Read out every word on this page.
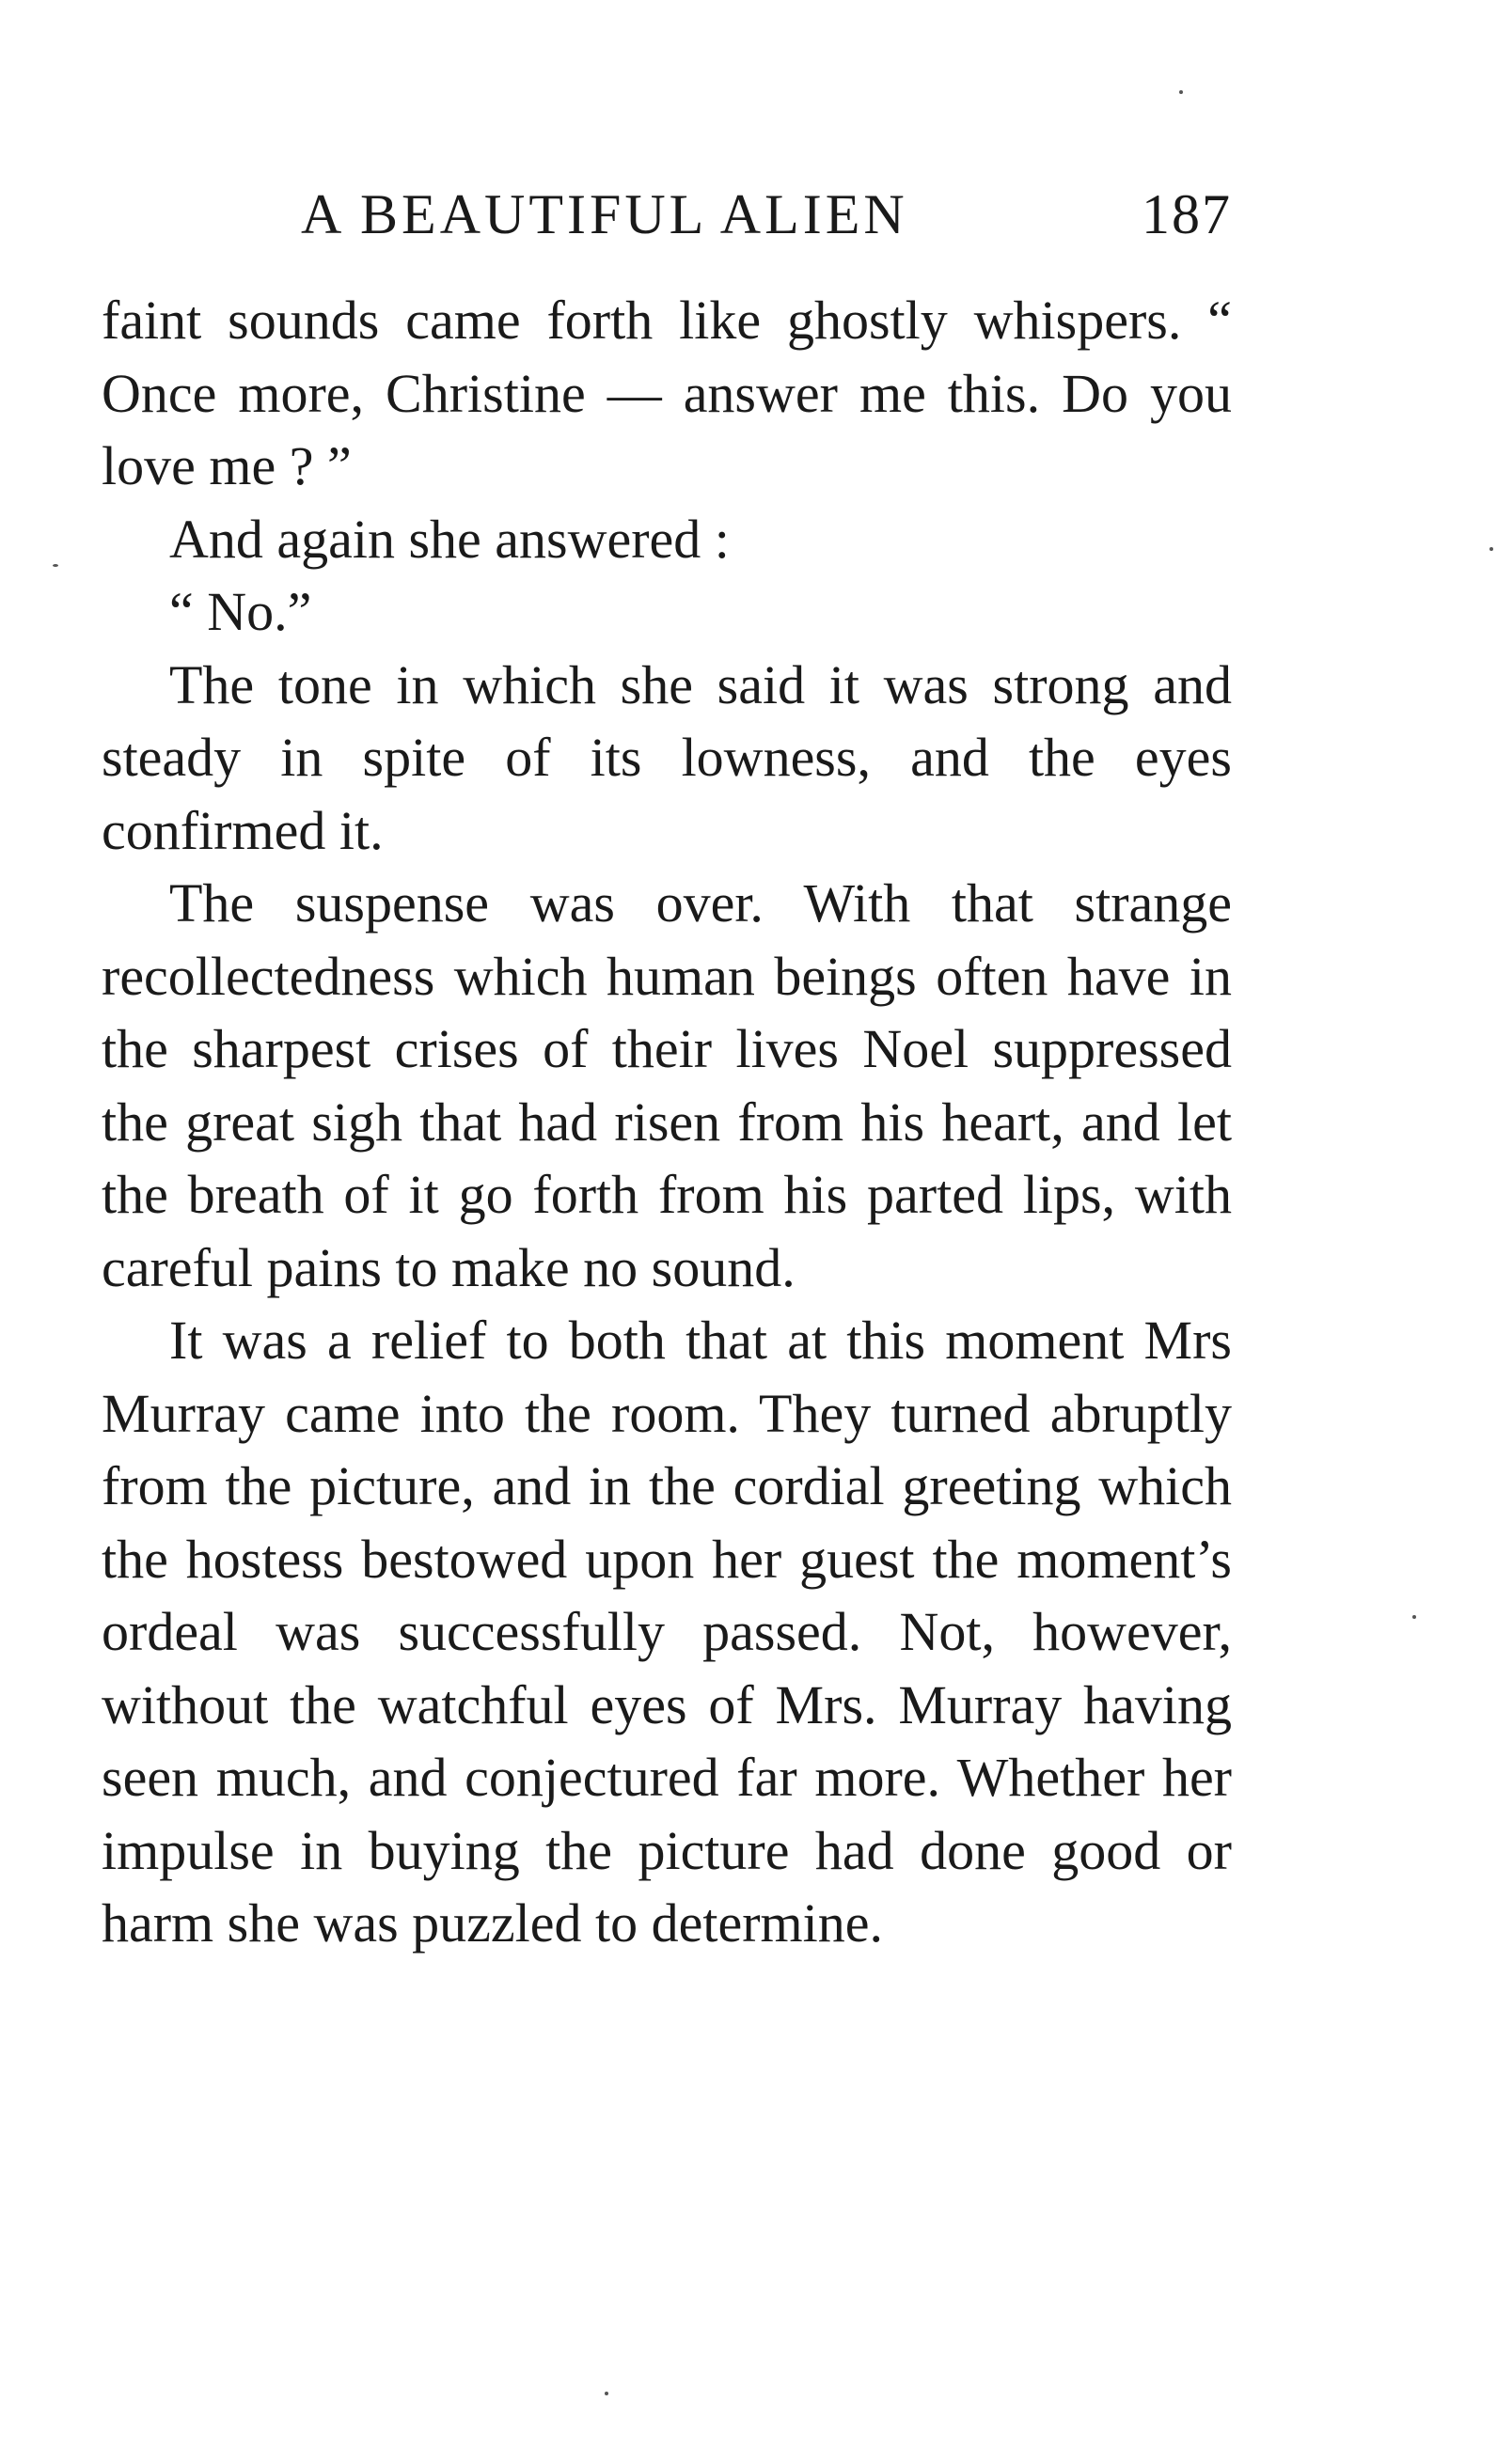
A BEAUTIFUL ALIEN	187

faint sounds came forth like ghostly whispers. “ Once more, Christine — answer me this. Do you love me ? ”

And again she answered :

“ No.”

The tone in which she said it was strong and steady in spite of its lowness, and the eyes confirmed it.

The suspense was over. With that strange recollectedness which human beings often have in the sharpest crises of their lives Noel suppressed the great sigh that had risen from his heart, and let the breath of it go forth from his parted lips, with careful pains to make no sound.

It was a relief to both that at this moment Mrs Murray came into the room. They turned abruptly from the picture, and in the cordial greeting which the hostess bestowed upon her guest the moment’s ordeal was successfully passed. Not, however, without the watchful eyes of Mrs. Murray having seen much, and conjectured far more. Whether her impulse in buying the picture had done good or harm she was puzzled to determine.
